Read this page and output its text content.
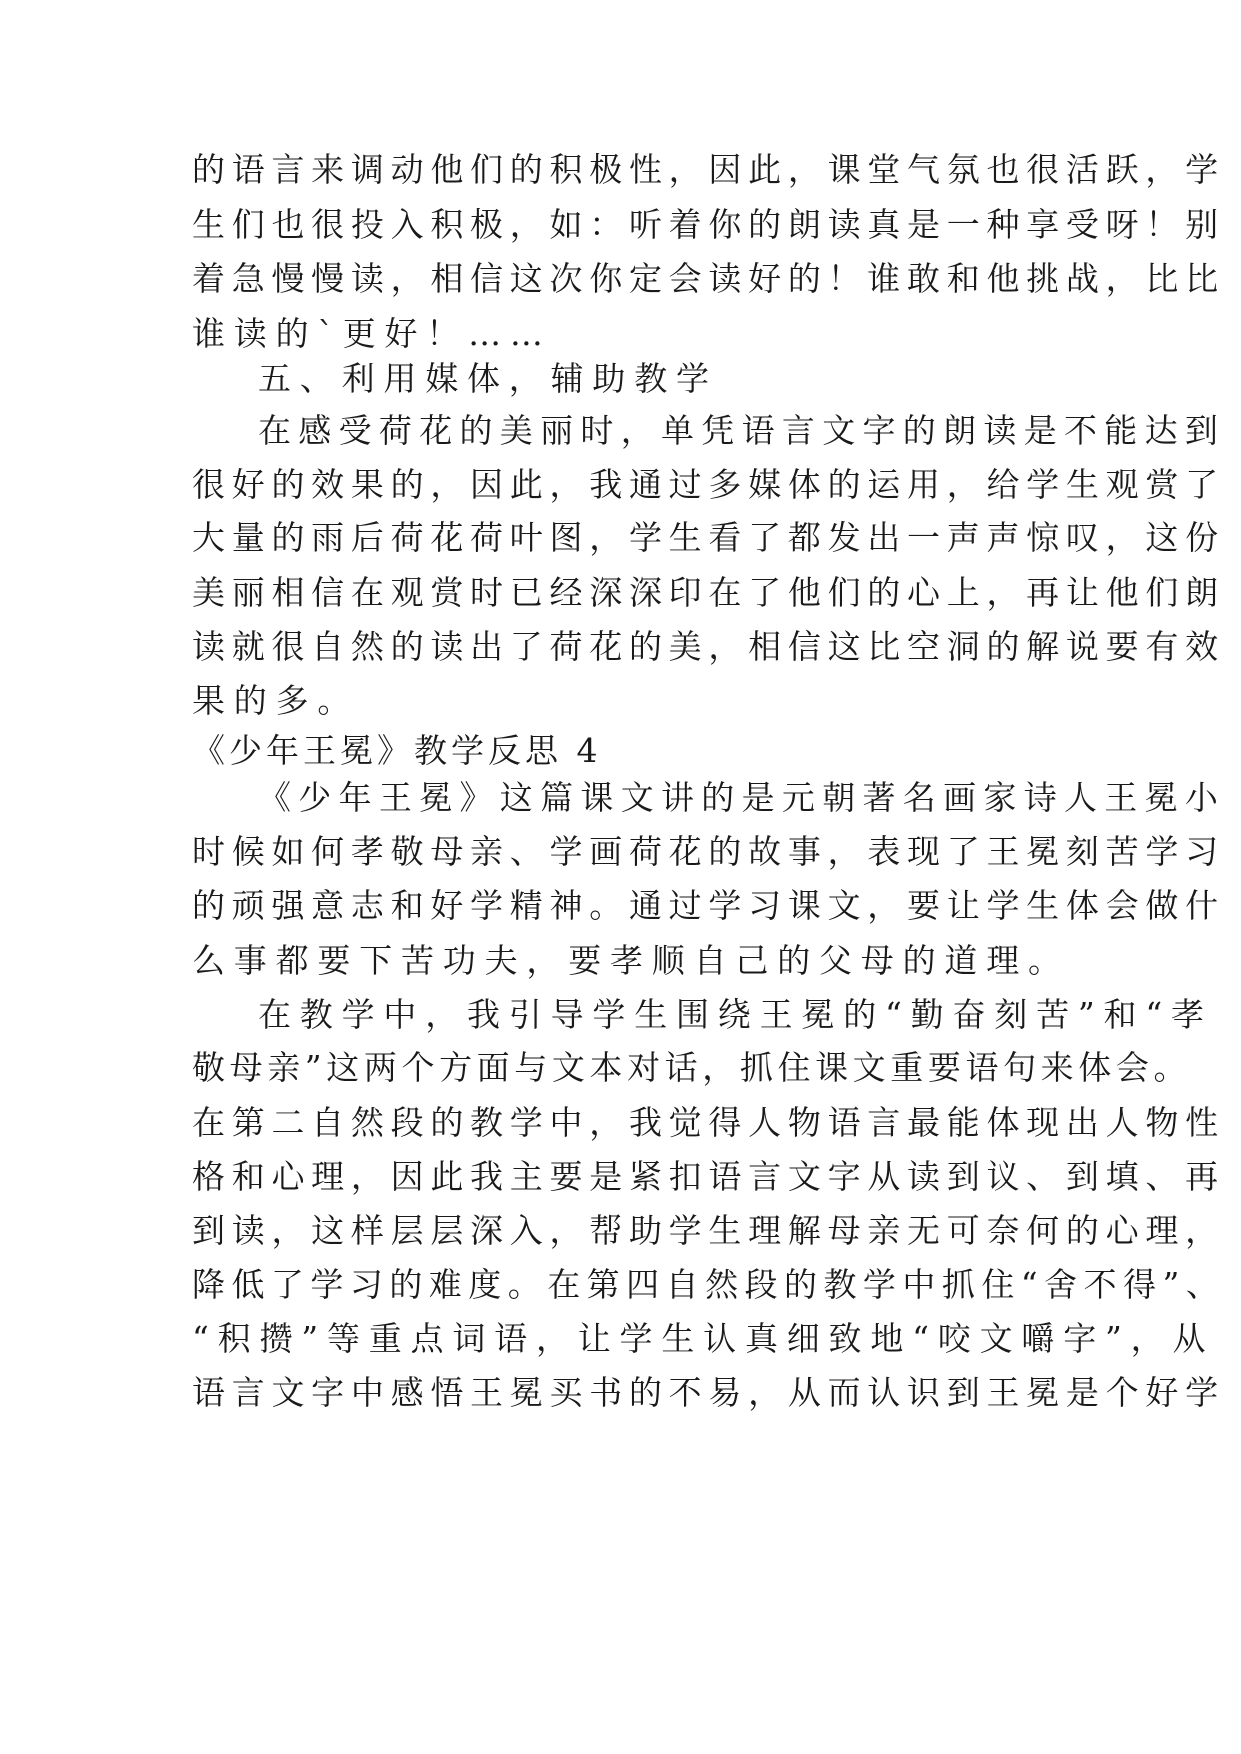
的语言来调动他们的积极性，因此，课堂气氛也很活跃，学
生们也很投入积极，如：听着你的朗读真是一种享受呀！别
着急慢慢读，相信这次你定会读好的！谁敢和他挑战，比比
谁读的`更好！……
五、利用媒体，辅助教学
在感受荷花的美丽时，单凭语言文字的朗读是不能达到
很好的效果的，因此，我通过多媒体的运用，给学生观赏了
大量的雨后荷花荷叶图，学生看了都发出一声声惊叹，这份
美丽相信在观赏时已经深深印在了他们的心上，再让他们朗
读就很自然的读出了荷花的美，相信这比空洞的解说要有效
果的多。
《少年王冕》教学反思 4
《少年王冕》这篇课文讲的是元朝著名画家诗人王冕小
时候如何孝敬母亲、学画荷花的故事，表现了王冕刻苦学习
的顽强意志和好学精神。通过学习课文，要让学生体会做什
么事都要下苦功夫，要孝顺自己的父母的道理。
在教学中，我引导学生围绕王冕的“勤奋刻苦”和“孝
敬母亲”这两个方面与文本对话，抓住课文重要语句来体会。
在第二自然段的教学中，我觉得人物语言最能体现出人物性
格和心理，因此我主要是紧扣语言文字从读到议、到填、再
到读，这样层层深入，帮助学生理解母亲无可奈何的心理，
降低了学习的难度。在第四自然段的教学中抓住“舍不得”、
“积攒”等重点词语，让学生认真细致地“咬文嚼字”，从
语言文字中感悟王冕买书的不易，从而认识到王冕是个好学
